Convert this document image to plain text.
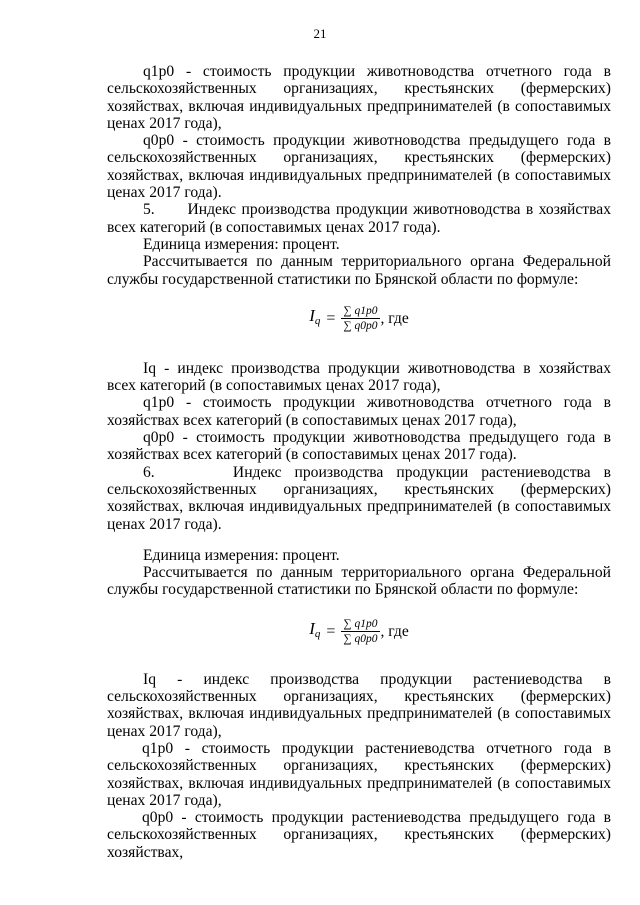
21

q1p0 - стоимость продукции животноводства отчетного года в сельскохозяйственных организациях, крестьянских (фермерских) хозяйствах, включая индивидуальных предпринимателей (в сопоставимых ценах 2017 года),

q0p0 - стоимость продукции животноводства предыдущего года в сельскохозяйственных организациях, крестьянских (фермерских) хозяйствах, включая индивидуальных предпринимателей (в сопоставимых ценах 2017 года).

5.      Индекс производства продукции животноводства в хозяйствах всех категорий (в сопоставимых ценах 2017 года).

Единица измерения: процент.

Рассчитывается по данным территориального органа Федеральной службы государственной статистики по Брянской области по формуле:

$I_q = \frac{\sum q1p0}{\sum q0p0}$ , где

Iq - индекс производства продукции животноводства в хозяйствах всех категорий (в сопоставимых ценах 2017 года),

q1p0 - стоимость продукции животноводства отчетного года в хозяйствах всех категорий (в сопоставимых ценах 2017 года),

q0p0 - стоимость продукции животноводства предыдущего года в хозяйствах всех категорий (в сопоставимых ценах 2017 года).

6.      Индекс производства продукции растениеводства в сельскохозяйственных организациях, крестьянских (фермерских) хозяйствах, включая индивидуальных предпринимателей (в сопоставимых ценах 2017 года).

Единица измерения: процент.

Рассчитывается по данным территориального органа Федеральной службы государственной статистики по Брянской области по формуле:

$I_q = \frac{\sum q1p0}{\sum q0p0}$ , где

Iq - индекс производства продукции растениеводства в сельскохозяйственных организациях, крестьянских (фермерских) хозяйствах, включая индивидуальных предпринимателей (в сопоставимых ценах 2017 года),

q1p0 - стоимость продукции растениеводства отчетного года в сельскохозяйственных организациях, крестьянских (фермерских) хозяйствах, включая индивидуальных предпринимателей (в сопоставимых ценах 2017 года),

q0p0 - стоимость продукции растениеводства предыдущего года в сельскохозяйственных организациях, крестьянских (фермерских) хозяйствах,
